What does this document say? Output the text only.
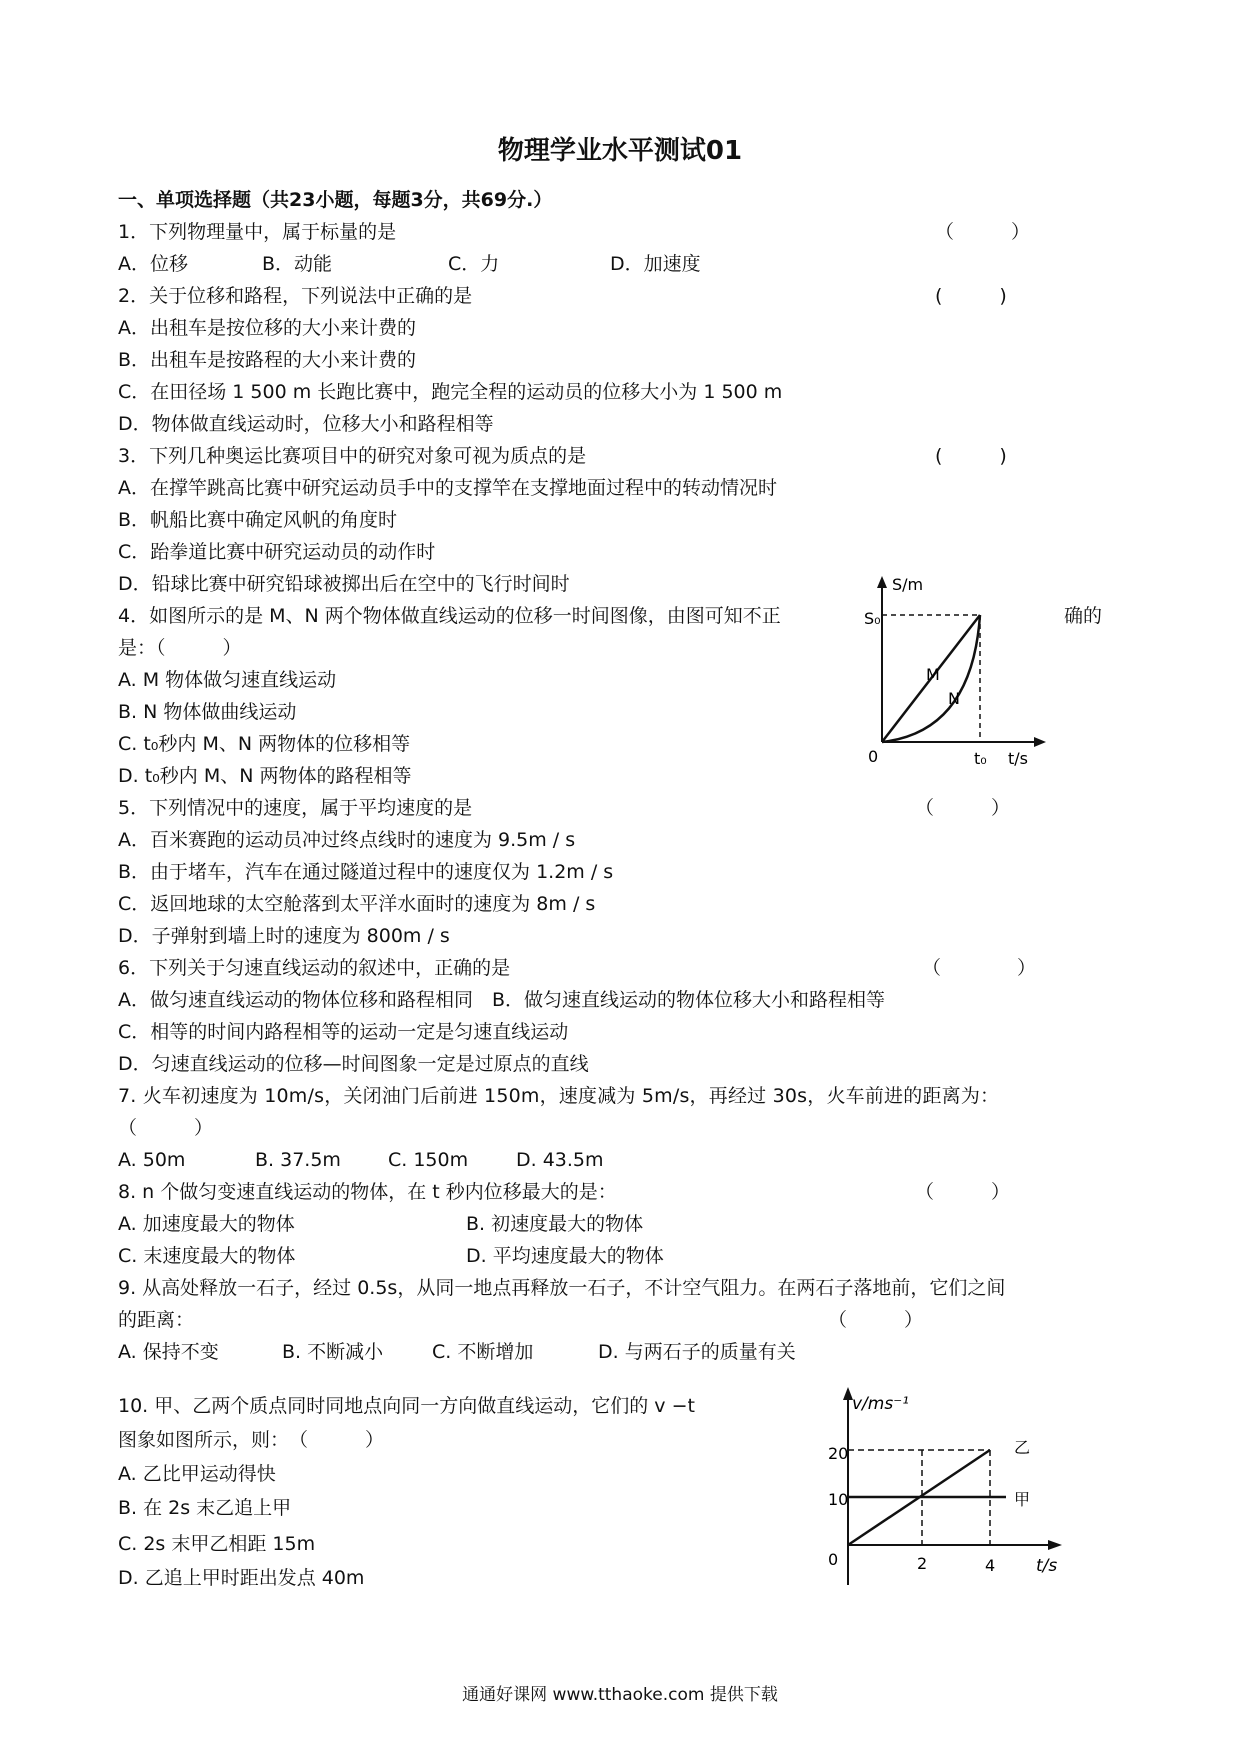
物理学业水平测试01
一、单项选择题（共23小题，每题3分，共69分.）
1．下列物理量中，属于标量的是	（　　　）
A．位移	B．动能	C．力	D．加速度
2．关于位移和路程，下列说法中正确的是	(　　　)
A．出租车是按位移的大小来计费的
B．出租车是按路程的大小来计费的
C．在田径场 1 500 m 长跑比赛中，跑完全程的运动员的位移大小为 1 500 m
D．物体做直线运动时，位移大小和路程相等
3．下列几种奥运比赛项目中的研究对象可视为质点的是	(　　　)
A．在撑竿跳高比赛中研究运动员手中的支撑竿在支撑地面过程中的转动情况时
B．帆船比赛中确定风帆的角度时
C．跆拳道比赛中研究运动员的动作时
D．铅球比赛中研究铅球被掷出后在空中的飞行时间时
4．如图所示的是 M、N 两个物体做直线运动的位移一时间图像，由图可知不正	确的
是：（　　　）
A. M 物体做匀速直线运动
B. N 物体做曲线运动
C. t₀秒内 M、N 两物体的位移相等
D. t₀秒内 M、N 两物体的路程相等
S/m
S₀
0	t₀ t/s
M
N
5．下列情况中的速度，属于平均速度的是	（　　　）
A．百米赛跑的运动员冲过终点线时的速度为 9.5m / s
B．由于堵车，汽车在通过隧道过程中的速度仅为 1.2m / s
C．返回地球的太空舱落到太平洋水面时的速度为 8m / s
D．子弹射到墙上时的速度为 800m / s
6．下列关于匀速直线运动的叙述中，正确的是	（　　　　）
A．做匀速直线运动的物体位移和路程相同　B．做匀速直线运动的物体位移大小和路程相等
C．相等的时间内路程相等的运动一定是匀速直线运动
D．匀速直线运动的位移—时间图象一定是过原点的直线
7. 火车初速度为 10m/s，关闭油门后前进 150m，速度减为 5m/s，再经过 30s，火车前进的距离为：
（　　　）
A. 50m	B. 37.5m C. 150m	D. 43.5m
8. n 个做匀变速直线运动的物体，在 t 秒内位移最大的是：	（　　　）
A. 加速度最大的物体	B. 初速度最大的物体
C. 末速度最大的物体	D. 平均速度最大的物体
9. 从高处释放一石子，经过 0.5s，从同一地点再释放一石子，不计空气阻力。在两石子落地前，它们之间
的距离：	（　　　）
A. 保持不变	B. 不断减小	C. 不断增加	D. 与两石子的质量有关
10. 甲、乙两个质点同时同地点向同一方向做直线运动，它们的 v −t
图象如图所示，则：　（　　　）
A. 乙比甲运动得快
B. 在 2s 末乙追上甲
C. 2s 末甲乙相距 15m
D. 乙追上甲时距出发点 40m
v/ms⁻¹
20
10
0	2	4 t/s
甲
乙
通通好课网 www.tthaoke.com 提供下载
